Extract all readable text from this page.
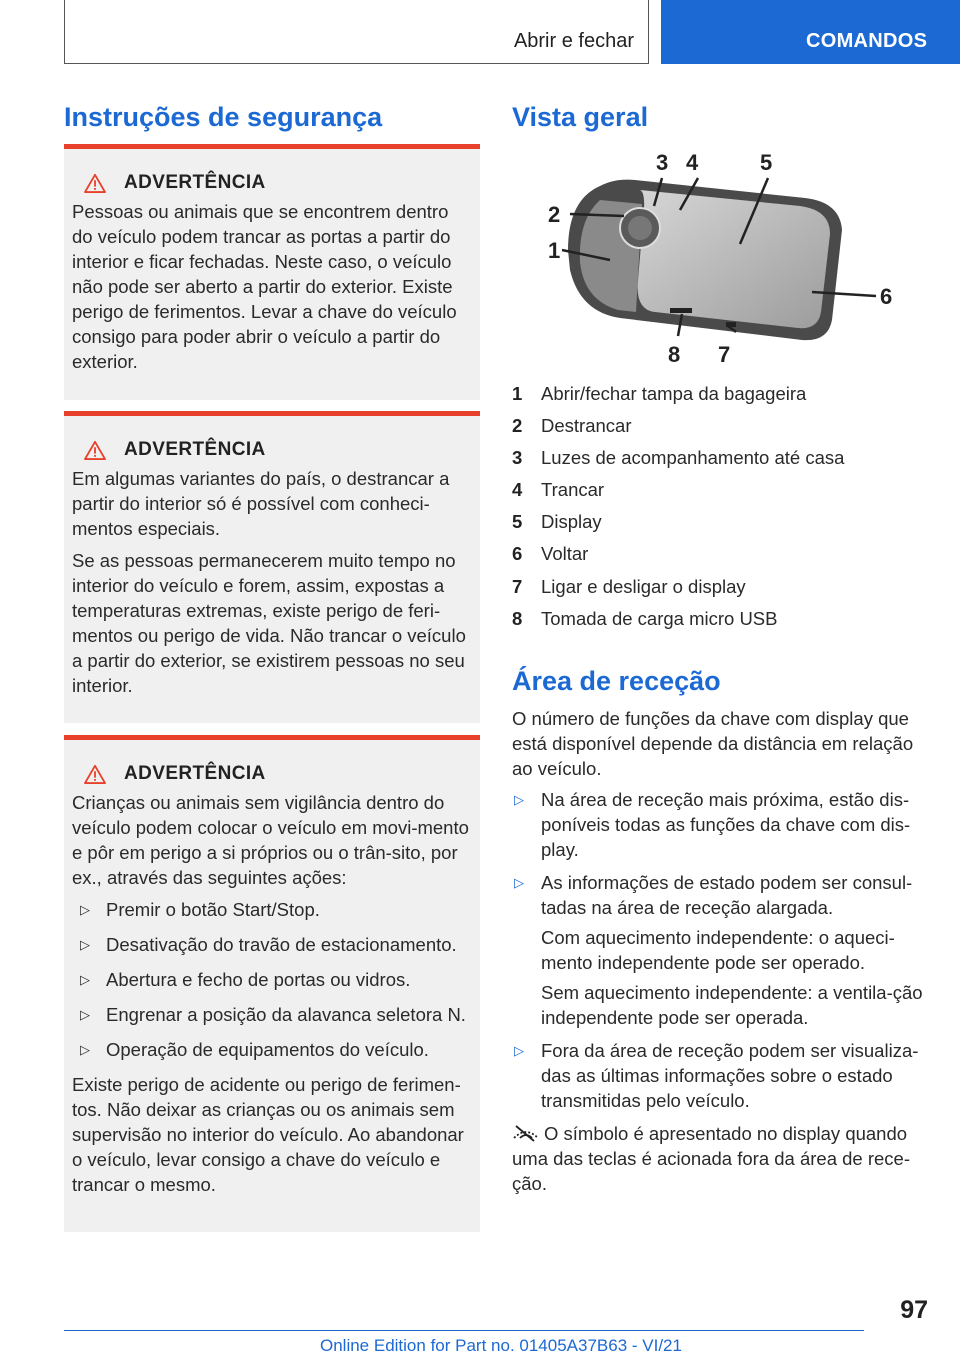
Abrir e fechar	COMANDOS
Instruções de segurança
ADVERTÊNCIA

Pessoas ou animais que se encontrem dentro do veículo podem trancar as portas a partir do interior e ficar fechadas. Neste caso, o veículo não pode ser aberto a partir do exterior. Existe perigo de ferimentos. Levar a chave do veículo consigo para poder abrir o veículo a partir do exterior.

ADVERTÊNCIA

Em algumas variantes do país, o destrancar a partir do interior só é possível com conheci‐mentos especiais.

Se as pessoas permanecerem muito tempo no interior do veículo e forem, assim, expostas a temperaturas extremas, existe perigo de feri‐mentos ou perigo de vida. Não trancar o veículo a partir do exterior, se existirem pessoas no seu interior.

ADVERTÊNCIA

Crianças ou animais sem vigilância dentro do veículo podem colocar o veículo em movi‐mento e pôr em perigo a si próprios ou o trân‐sito, por ex., através das seguintes ações:

▷ Premir o botão Start/Stop.
▷ Desativação do travão de estacionamento.
▷ Abertura e fecho de portas ou vidros.
▷ Engrenar a posição da alavanca seletora N.
▷ Operação de equipamentos do veículo.

Existe perigo de acidente ou perigo de ferimen‐tos. Não deixar as crianças ou os animais sem supervisão no interior do veículo. Ao abandonar o veículo, levar consigo a chave do veículo e trancar o mesmo.

Vista geral
1
2
3 4	5
6
7
8
1	Abrir/fechar tampa da bagageira
2	Destrancar
3	Luzes de acompanhamento até casa
4	Trancar
5	Display
6	Voltar
7	Ligar e desligar o display
8	Tomada de carga micro USB
Área de receção

O número de funções da chave com display que está disponível depende da distância em relação ao veículo.

▷ Na área de receção mais próxima, estão dis‐poníveis todas as funções da chave com dis‐play.

▷ As informações de estado podem ser consul‐tadas na área de receção alargada.

Com aquecimento independente: o aqueci‐mento independente pode ser operado.

Sem aquecimento independente: a ventila‐ção independente pode ser operada.

▷ Fora da área de receção podem ser visualiza‐das as últimas informações sobre o estado transmitidas pelo veículo.

O símbolo é apresentado no display quando uma das teclas é acionada fora da área de rece‐ção.

97
Online Edition for Part no. 01405A37B63 - VI/21
